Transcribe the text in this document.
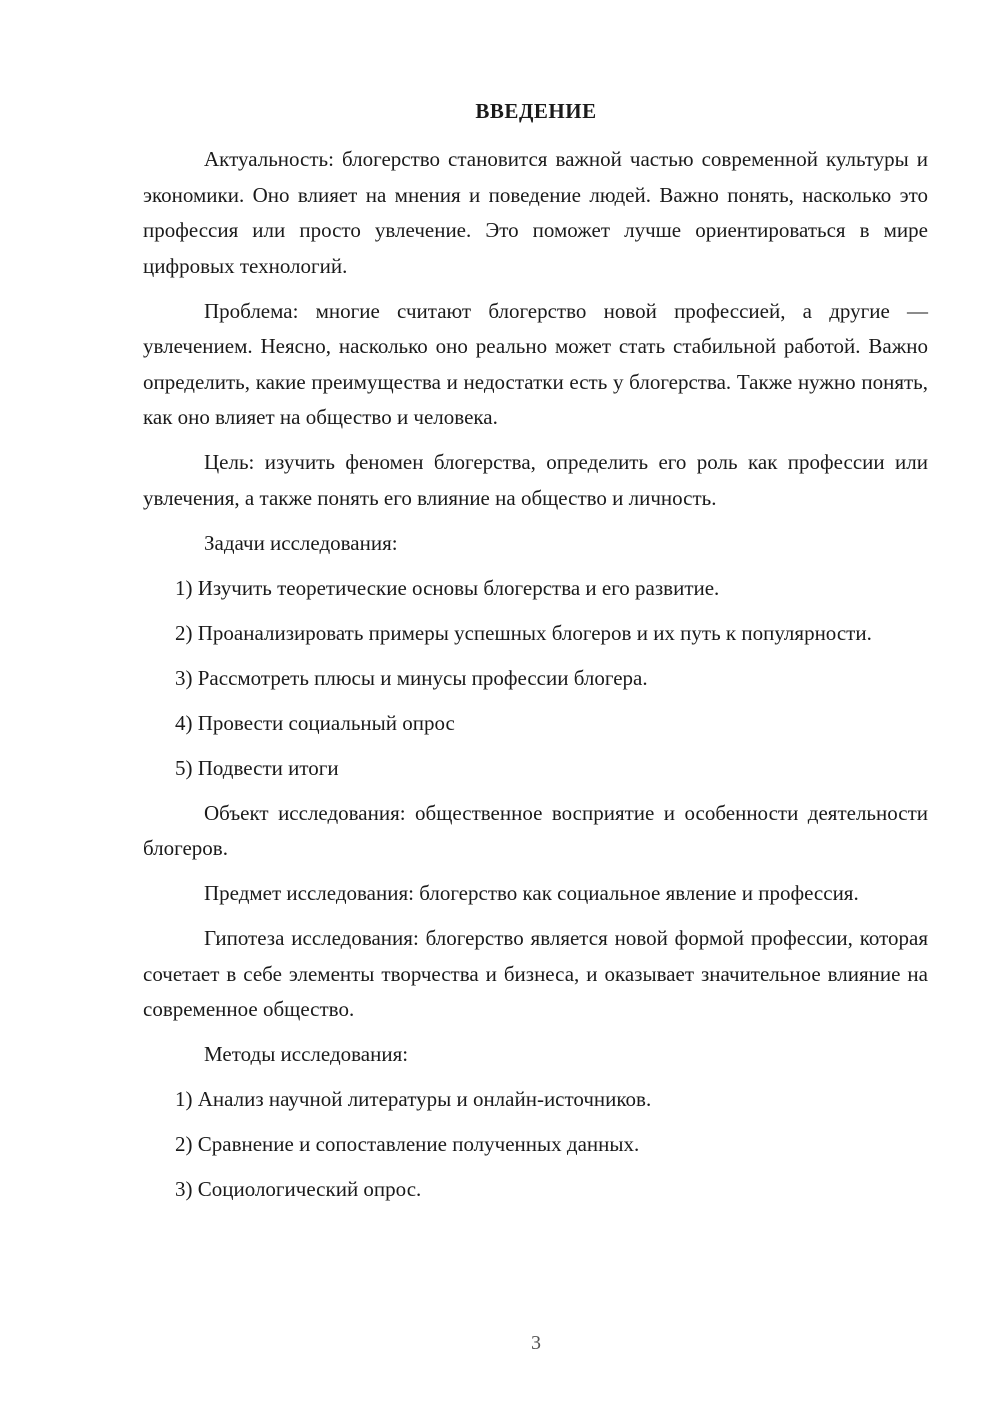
ВВЕДЕНИЕ

Актуальность: блогерство становится важной частью современной культуры и экономики. Оно влияет на мнения и поведение людей. Важно понять, насколько это профессия или просто увлечение. Это поможет лучше ориентироваться в мире цифровых технологий.

Проблема: многие считают блогерство новой профессией, а другие — увлечением. Неясно, насколько оно реально может стать стабильной работой. Важно определить, какие преимущества и недостатки есть у блогерства. Также нужно понять, как оно влияет на общество и человека.

Цель: изучить феномен блогерства, определить его роль как профессии или увлечения, а также понять его влияние на общество и личность.

Задачи исследования:

1) Изучить теоретические основы блогерства и его развитие.

2) Проанализировать примеры успешных блогеров и их путь к популярности.

3) Рассмотреть плюсы и минусы профессии блогера.

4) Провести социальный опрос

5) Подвести итоги

Объект исследования: общественное восприятие и особенности деятельности блогеров.

Предмет исследования: блогерство как социальное явление и профессия.

Гипотеза исследования: блогерство является новой формой профессии, которая сочетает в себе элементы творчества и бизнеса, и оказывает значительное влияние на современное общество.

Методы исследования:

1) Анализ научной литературы и онлайн-источников.

2) Сравнение и сопоставление полученных данных.

3) Социологический опрос.

3
